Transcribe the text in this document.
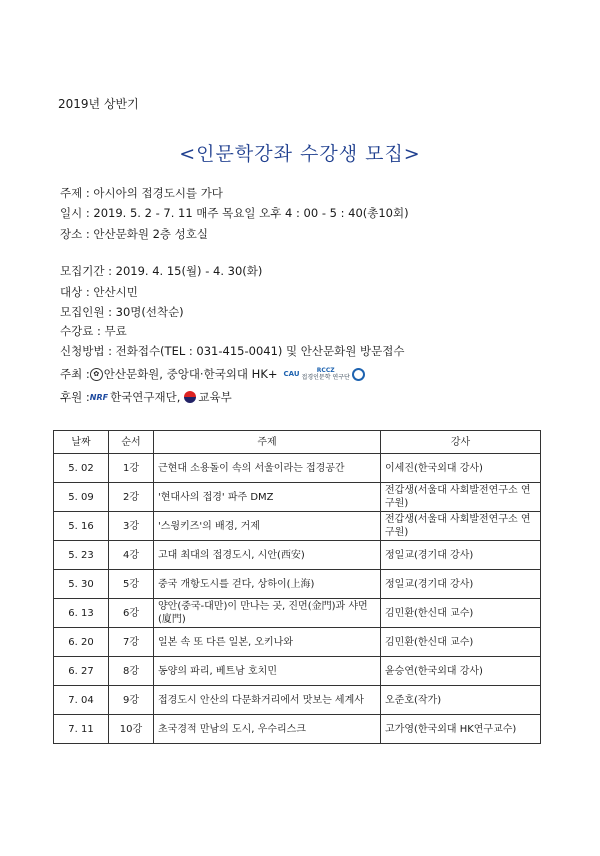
2019년 상반기
<인문학강좌 수강생 모집>
주제 : 아시아의 접경도시를 가다
일시 : 2019. 5. 2 - 7. 11 매주 목요일 오후 4 : 00 - 5 : 40(총10회)
장소 : 안산문화원 2층 성호실
모집기간 : 2019. 4. 15(월) - 4. 30(화)
대상 : 안산시민
모집인원 : 30명(선착순)
수강료 : 무료
신청방법 : 전화접수(TEL : 031-415-0041) 및 안산문화원 방문접수
주최 : ✿ 안산문화원, 중앙대·한국외대 HK+ CAU	RCCZ
접경인문학 연구단
후원 : NRF 한국연구재단, 교육부
날짜	순서	주제	강사
5. 02	1강	근현대 소용돌이 속의 서울이라는 접경공간	이세진(한국외대 강사)
5. 09	2강	'현대사의 접경' 파주 DMZ	전갑생(서울대 사회발전연구소 연구원)
5. 16	3강	'스윙키즈'의 배경, 거제	전갑생(서울대 사회발전연구소 연구원)
5. 23	4강	고대 최대의 접경도시, 시안(西安)	정일교(경기대 강사)
5. 30	5강	중국 개항도시를 걷다, 상하이(上海)	정일교(경기대 강사)
6. 13	6강	양안(중국-대만)이 만나는 곳, 진먼(金門)과 샤먼(廈門)	김민환(한신대 교수)
6. 20	7강	일본 속 또 다른 일본, 오키나와	김민환(한신대 교수)
6. 27	8강	동양의 파리, 베트남 호치민	윤승연(한국외대 강사)
7. 04	9강	접경도시 안산의 다문화거리에서 맛보는 세계사	오준호(작가)
7. 11	10강	초국경적 만남의 도시, 우수리스크	고가영(한국외대 HK연구교수)
